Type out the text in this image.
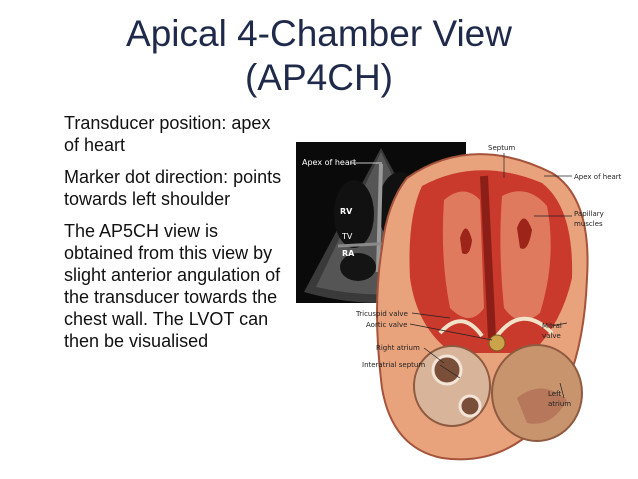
Apical 4-Chamber View
(AP4CH)
Transducer position: apex of heart
Marker dot direction: points towards left shoulder
The AP5CH view is obtained from this view by slight anterior angulation of the transducer towards the chest wall. The LVOT can then be visualised
Apex of heart
RV
TV
RA
Septum
Apex of heart
Papillary
muscles
Tricuspid valve
Aortic valve
Right atrium
Interatrial septum
Mitral
valve
Left
atrium
